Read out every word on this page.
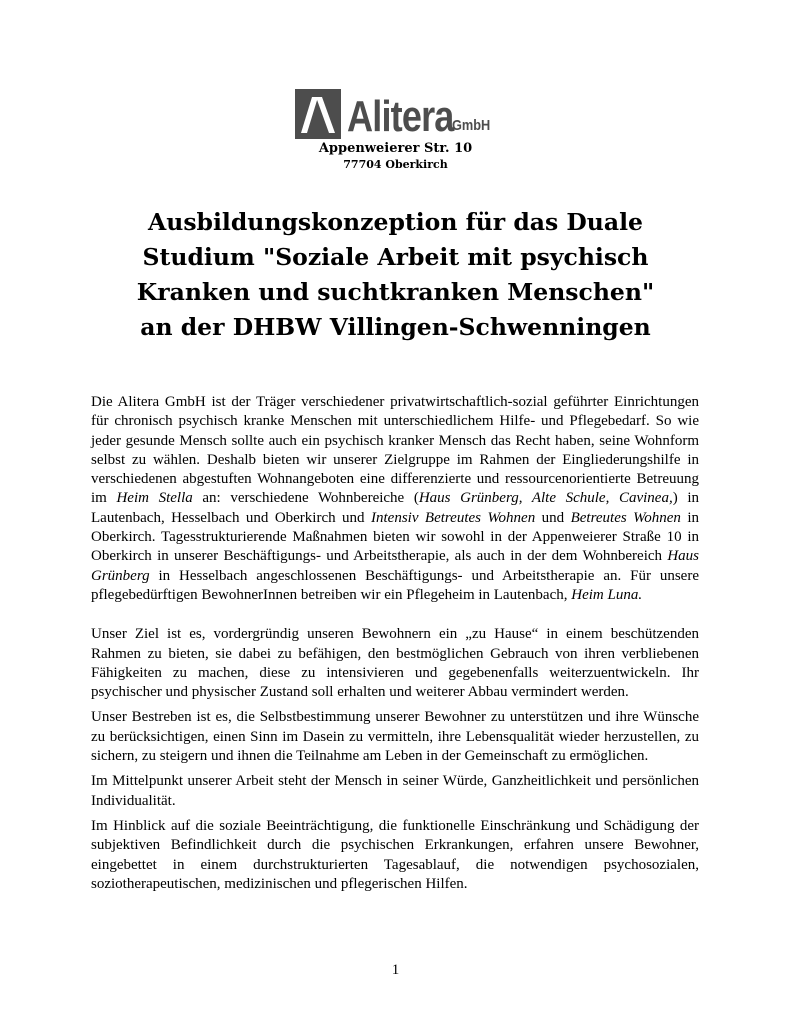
Alitera
GmbH
Appenweierer Str. 10
77704 Oberkirch
Ausbildungskonzeption für das Duale
Studium "Soziale Arbeit mit psychisch
Kranken und suchtkranken Menschen"
an der DHBW Villingen-Schwenningen

Die Alitera GmbH ist der Träger verschiedener privatwirtschaftlich-sozial geführter Einrichtungen für chronisch psychisch kranke Menschen mit unterschiedlichem Hilfe- und Pflegebedarf. So wie jeder gesunde Mensch sollte auch ein psychisch kranker Mensch das Recht haben, seine Wohnform selbst zu wählen. Deshalb bieten wir unserer Zielgruppe im Rahmen der Eingliederungshilfe in verschiedenen abgestuften Wohnangeboten eine differenzierte und ressourcenorientierte Betreuung im Heim Stella an: verschiedene Wohnbereiche (Haus Grünberg, Alte Schule, Cavinea,) in Lautenbach, Hesselbach und Oberkirch und Intensiv Betreutes Wohnen und Betreutes Wohnen in Oberkirch. Tagesstrukturierende Maßnahmen bieten wir sowohl in der Appenweierer Straße 10 in Oberkirch in unserer Beschäftigungs- und Arbeitstherapie, als auch in der dem Wohnbereich Haus Grünberg in Hesselbach angeschlossenen Beschäftigungs- und Arbeitstherapie an. Für unsere pflegebedürftigen BewohnerInnen betreiben wir ein Pflegeheim in Lautenbach, Heim Luna.

Unser Ziel ist es, vordergründig unseren Bewohnern ein „zu Hause“ in einem beschützenden Rahmen zu bieten, sie dabei zu befähigen, den bestmöglichen Gebrauch von ihren verbliebenen Fähigkeiten zu machen, diese zu intensivieren und gegebenenfalls weiterzuentwickeln. Ihr psychischer und physischer Zustand soll erhalten und weiterer Abbau vermindert werden.

Unser Bestreben ist es, die Selbstbestimmung unserer Bewohner zu unterstützen und ihre Wünsche zu berücksichtigen, einen Sinn im Dasein zu vermitteln, ihre Lebensqualität wieder herzustellen, zu sichern, zu steigern und ihnen die Teilnahme am Leben in der Gemeinschaft zu ermöglichen.

Im Mittelpunkt unserer Arbeit steht der Mensch in seiner Würde, Ganzheitlichkeit und persönlichen Individualität.

Im Hinblick auf die soziale Beeinträchtigung, die funktionelle Einschränkung und Schädigung der subjektiven Befindlichkeit durch die psychischen Erkrankungen, erfahren unsere Bewohner, eingebettet in einem durchstrukturierten Tagesablauf, die notwendigen psychosozialen, soziotherapeutischen, medizinischen und pflegerischen Hilfen.

1
